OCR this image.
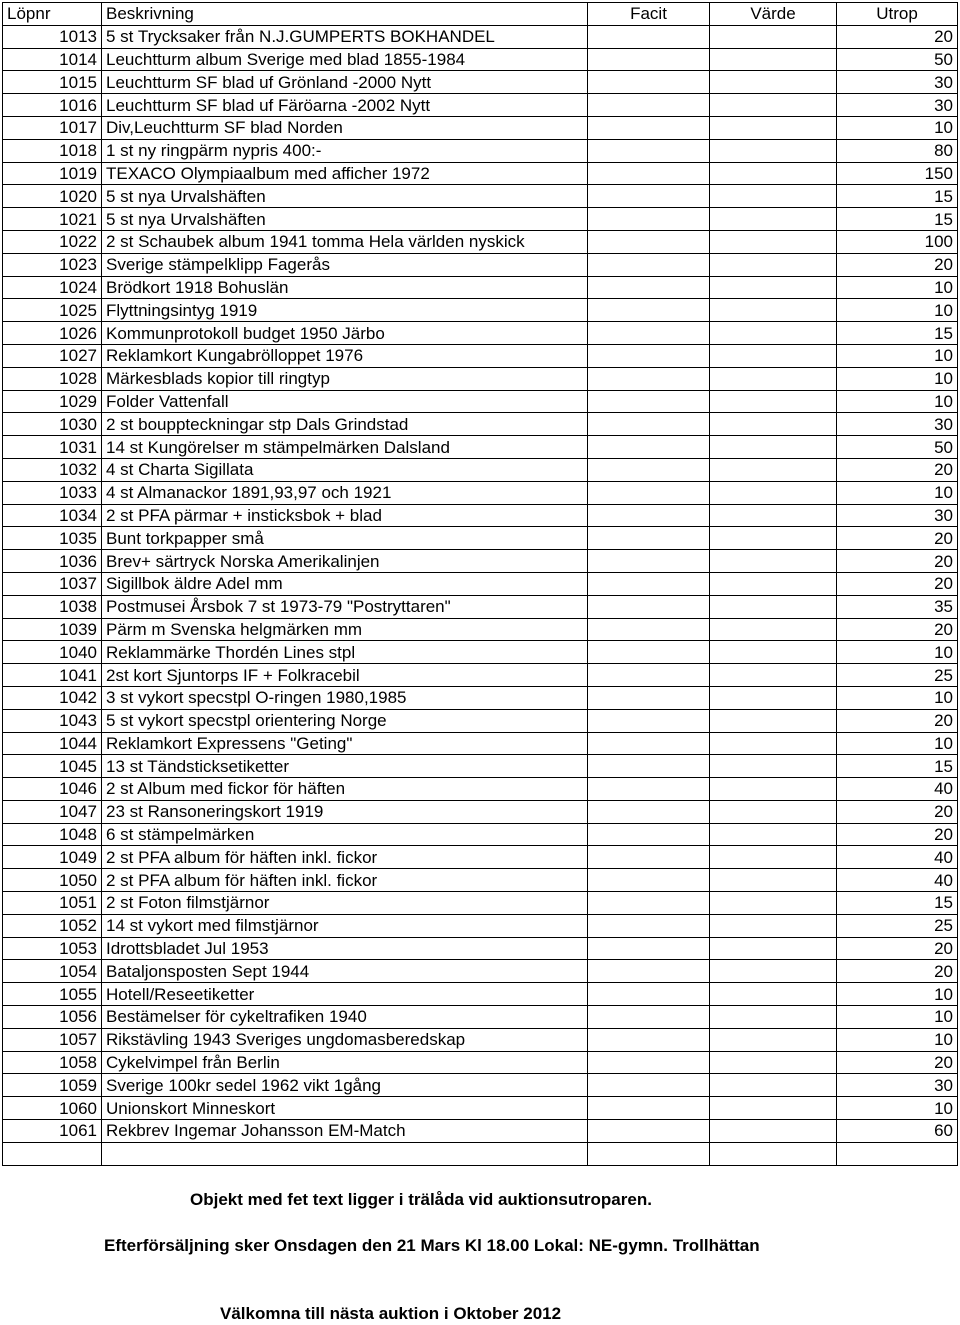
Löpnr	Beskrivning	Facit	Värde	Utrop
1013	5 st Trycksaker från N.J.GUMPERTS BOKHANDEL			20
1014	Leuchtturm album Sverige med blad 1855-1984			50
1015	Leuchtturm SF blad uf Grönland -2000 Nytt			30
1016	Leuchtturm SF blad uf Färöarna -2002 Nytt			30
1017	Div,Leuchtturm SF blad Norden			10
1018	1 st ny ringpärm nypris 400:-			80
1019	TEXACO Olympiaalbum med afficher 1972			150
1020	5 st nya Urvalshäften			15
1021	5 st nya Urvalshäften			15
1022	2 st Schaubek album 1941 tomma Hela världen nyskick			100
1023	Sverige stämpelklipp Fagerås			20
1024	Brödkort 1918 Bohuslän			10
1025	Flyttningsintyg 1919			10
1026	Kommunprotokoll budget 1950 Järbo			15
1027	Reklamkort Kungabrölloppet 1976			10
1028	Märkesblads kopior till ringtyp			10
1029	Folder Vattenfall			10
1030	2 st bouppteckningar stp Dals Grindstad			30
1031	14 st Kungörelser m stämpelmärken Dalsland			50
1032	4 st Charta Sigillata			20
1033	4 st Almanackor 1891,93,97 och 1921			10
1034	2 st PFA pärmar + insticksbok + blad			30
1035	Bunt torkpapper små			20
1036	Brev+ särtryck Norska Amerikalinjen			20
1037	Sigillbok äldre Adel mm			20
1038	Postmusei Årsbok 7 st 1973-79 "Postryttaren"			35
1039	Pärm m Svenska helgmärken mm			20
1040	Reklammärke Thordén Lines stpl			10
1041	2st kort Sjuntorps IF + Folkracebil			25
1042	3 st vykort specstpl O-ringen 1980,1985			10
1043	5 st vykort specstpl orientering Norge			20
1044	Reklamkort Expressens "Geting"			10
1045	13 st Tändsticksetiketter			15
1046	2 st Album med fickor för häften			40
1047	23 st Ransoneringskort 1919			20
1048	6 st stämpelmärken			20
1049	2 st PFA album för häften inkl. fickor			40
1050	2 st PFA album för häften inkl. fickor			40
1051	2 st Foton filmstjärnor			15
1052	14 st vykort med filmstjärnor			25
1053	Idrottsbladet Jul 1953			20
1054	Bataljonsposten Sept 1944			20
1055	Hotell/Reseetiketter			10
1056	Bestämelser för cykeltrafiken 1940			10
1057	Rikstävling 1943 Sveriges ungdomasberedskap			10
1058	Cykelvimpel från Berlin			20
1059	Sverige 100kr sedel 1962 vikt 1gång			30
1060	Unionskort Minneskort			10
1061	Rekbrev Ingemar Johansson EM-Match			60

Objekt med fet text ligger i trälåda vid auktionsutroparen.
Efterförsäljning sker Onsdagen den 21 Mars Kl 18.00 Lokal: NE-gymn. Trollhättan
Välkomna till nästa auktion i Oktober 2012
